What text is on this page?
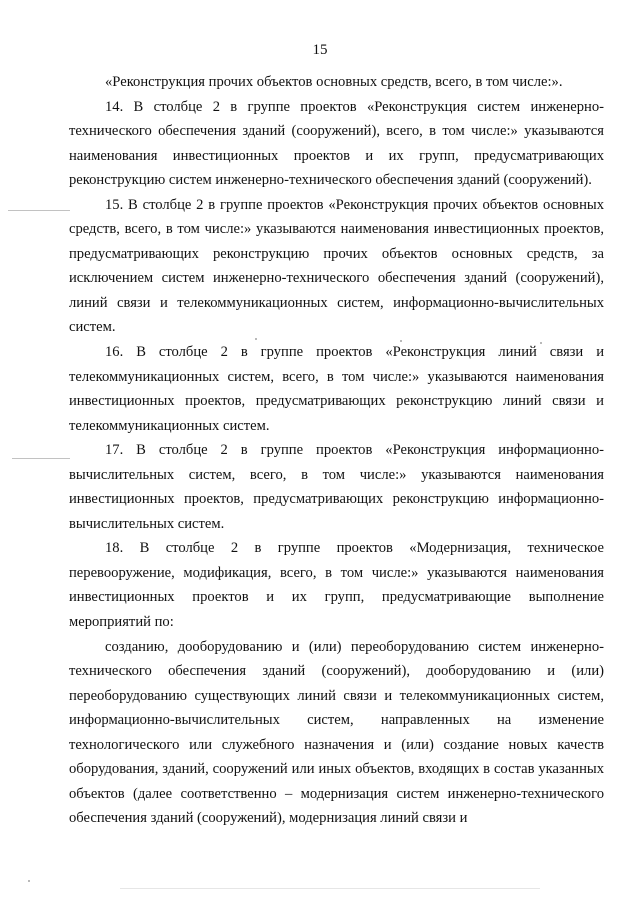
15

«Реконструкция прочих объектов основных средств, всего, в том числе:».

14. В столбце 2 в группе проектов «Реконструкция систем инженерно-технического обеспечения зданий (сооружений), всего, в том числе:» указываются наименования инвестиционных проектов и их групп, предусматривающих реконструкцию систем инженерно-технического обеспечения зданий (сооружений).

15. В столбце 2 в группе проектов «Реконструкция прочих объектов основных средств, всего, в том числе:» указываются наименования инвестиционных проектов, предусматривающих реконструкцию прочих объектов основных средств, за исключением систем инженерно-технического обеспечения зданий (сооружений), линий связи и телекоммуникационных систем, информационно-вычислительных систем.

16. В столбце 2 в группе проектов «Реконструкция линий связи и телекоммуникационных систем, всего, в том числе:» указываются наименования инвестиционных проектов, предусматривающих реконструкцию линий связи и телекоммуникационных систем.

17. В столбце 2 в группе проектов «Реконструкция информационно-вычислительных систем, всего, в том числе:» указываются наименования инвестиционных проектов, предусматривающих реконструкцию информационно-вычислительных систем.

18. В столбце 2 в группе проектов «Модернизация, техническое перевооружение, модификация, всего, в том числе:» указываются наименования инвестиционных проектов и их групп, предусматривающие выполнение мероприятий по:

созданию, дооборудованию и (или) переоборудованию систем инженерно-технического обеспечения зданий (сооружений), дооборудованию и (или) переоборудованию существующих линий связи и телекоммуникационных систем, информационно-вычислительных систем, направленных на изменение технологического или служебного назначения и (или) создание новых качеств оборудования, зданий, сооружений или иных объектов, входящих в состав указанных объектов (далее соответственно – модернизация систем инженерно-технического обеспечения зданий (сооружений), модернизация линий связи и
